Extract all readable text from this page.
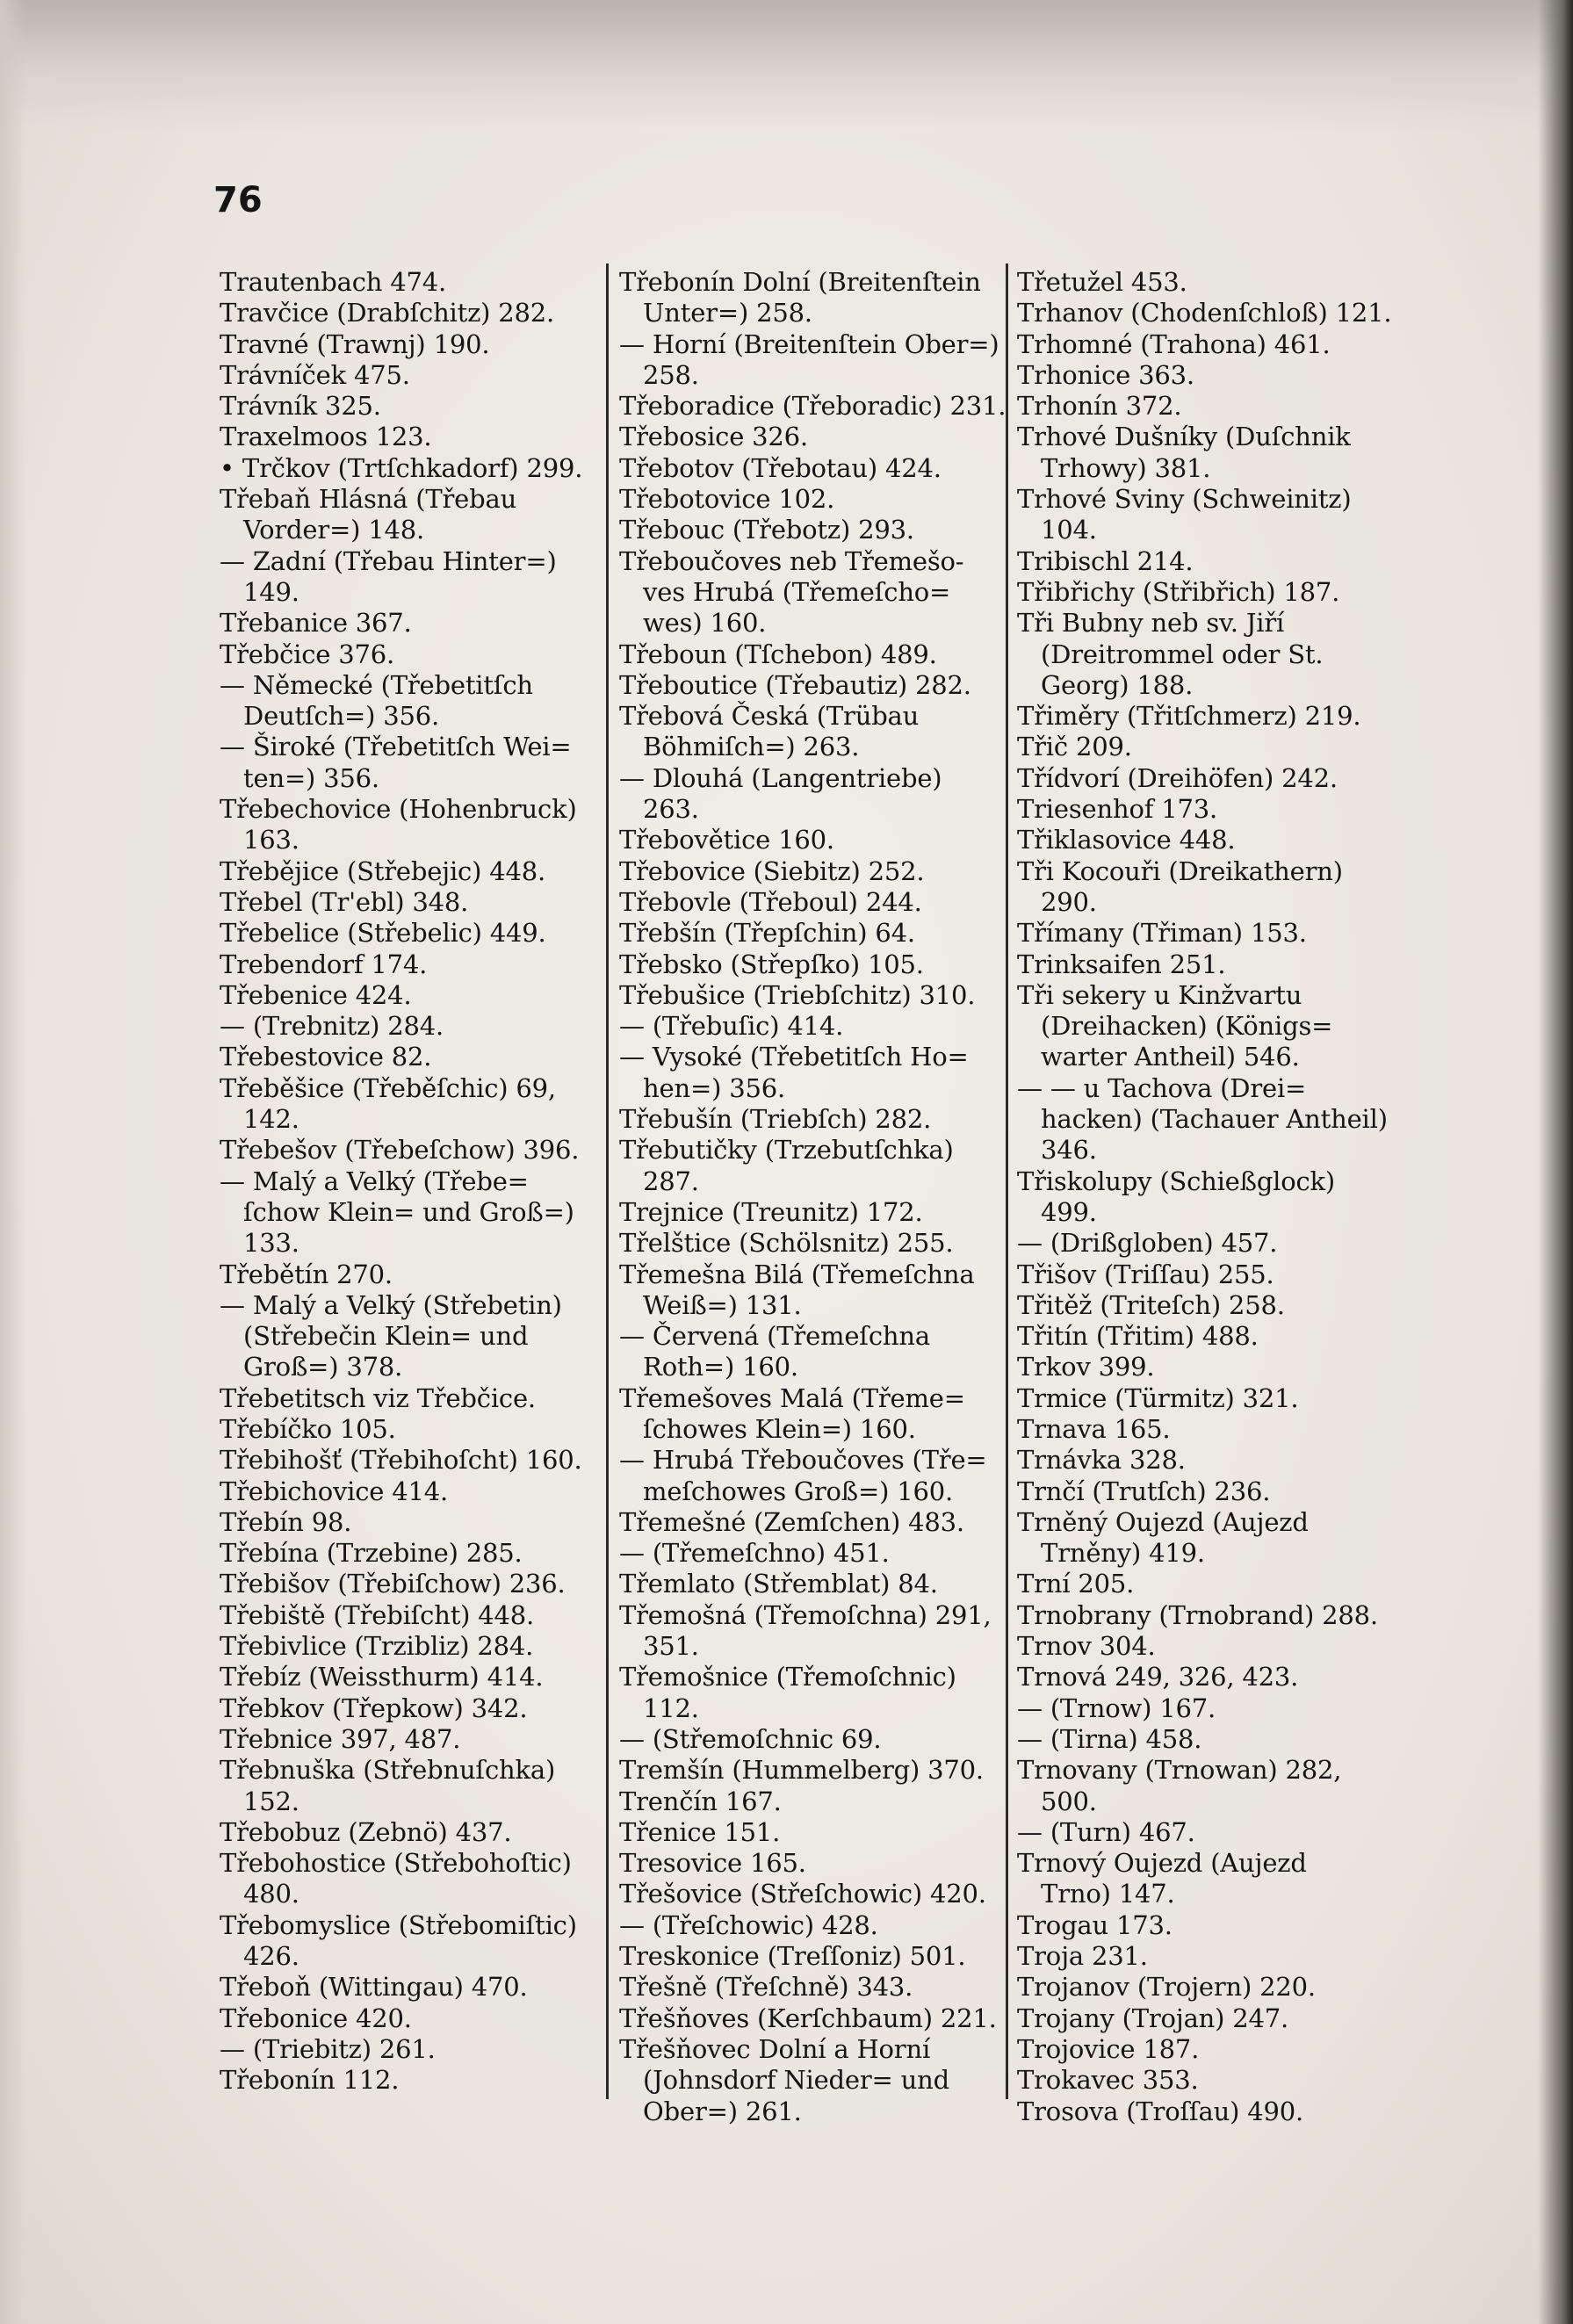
76
Trautenbach 474.
Travčice (Drabſchitz) 282.
Travné (Trawnj) 190.
Trávníček 475.
Trávník 325.
Traxelmoos 123.
• Trčkov (Trtſchkadorf) 299.
Třebaň Hlásná (Třebau
Vorder=) 148.
— Zadní (Třebau Hinter=)
149.
Třebanice 367.
Třebčice 376.
— Německé (Třebetitſch
Deutſch=) 356.
— Široké (Třebetitſch Wei=
ten=) 356.
Třebechovice (Hohenbruck)
163.
Třebějice (Střebejic) 448.
Třebel (Tr'ebl) 348.
Třebelice (Střebelic) 449.
Trebendorf 174.
Třebenice 424.
— (Trebnitz) 284.
Třebestovice 82.
Třeběšice (Třeběſchic) 69,
142.
Třebešov (Třebeſchow) 396.
— Malý a Velký (Třebe=
ſchow Klein= und Groß=)
133.
Třebětín 270.
— Malý a Velký (Střebetin)
(Střebečin Klein= und
Groß=) 378.
Třebetitsch viz Třebčice.
Třebíčko 105.
Třebihošť (Třebihoſcht) 160.
Třebichovice 414.
Třebín 98.
Třebína (Trzebine) 285.
Třebišov (Třebiſchow) 236.
Třebiště (Třebiſcht) 448.
Třebivlice (Trzibliz) 284.
Třebíz (Weissthurm) 414.
Třebkov (Třepkow) 342.
Třebnice 397, 487.
Třebnuška (Střebnuſchka)
152.
Třebobuz (Zebnö) 437.
Třebohostice (Střebohoſtic)
480.
Třebomyslice (Střebomiſtic)
426.
Třeboň (Wittingau) 470.
Třebonice 420.
— (Triebitz) 261.
Třebonín 112.
Třebonín Dolní (Breitenſtein
Unter=) 258.
— Horní (Breitenſtein Ober=)
258.
Třeboradice (Třeboradic) 231.
Třebosice 326.
Třebotov (Třebotau) 424.
Třebotovice 102.
Třebouc (Třebotz) 293.
Třeboučoves neb Třemešo-
ves Hrubá (Třemeſcho=
wes) 160.
Třeboun (Tſchebon) 489.
Třeboutice (Třebautiz) 282.
Třebová Česká (Trübau
Böhmiſch=) 263.
— Dlouhá (Langentriebe)
263.
Třebovětice 160.
Třebovice (Siebitz) 252.
Třebovle (Třeboul) 244.
Třebšín (Třepſchin) 64.
Třebsko (Střepſko) 105.
Třebušice (Triebſchitz) 310.
— (Třebuſic) 414.
— Vysoké (Třebetitſch Ho=
hen=) 356.
Třebušín (Triebſch) 282.
Třebutičky (Trzebutſchka)
287.
Trejnice (Treunitz) 172.
Třelštice (Schölsnitz) 255.
Třemešna Bilá (Třemeſchna
Weiß=) 131.
— Červená (Třemeſchna
Roth=) 160.
Třemešoves Malá (Třeme=
ſchowes Klein=) 160.
— Hrubá Třeboučoves (Tře=
meſchowes Groß=) 160.
Třemešné (Zemſchen) 483.
— (Třemeſchno) 451.
Třemlato (Střemblat) 84.
Třemošná (Třemoſchna) 291,
351.
Třemošnice (Třemoſchnic)
112.
— (Střemoſchnic 69.
Tremšín (Hummelberg) 370.
Trenčín 167.
Třenice 151.
Tresovice 165.
Třešovice (Střeſchowic) 420.
— (Třeſchowic) 428.
Treskonice (Treſſoniz) 501.
Třešně (Třeſchně) 343.
Třešňoves (Kerſchbaum) 221.
Třešňovec Dolní a Horní
(Johnsdorf Nieder= und
Ober=) 261.
Třetužel 453.
Trhanov (Chodenſchloß) 121.
Trhomné (Trahona) 461.
Trhonice 363.
Trhonín 372.
Trhové Dušníky (Duſchnik
Trhowy) 381.
Trhové Sviny (Schweinitz)
104.
Tribischl 214.
Třibřichy (Střibřich) 187.
Tři Bubny neb sv. Jiří
(Dreitrommel oder St.
Georg) 188.
Třiměry (Třitſchmerz) 219.
Třič 209.
Třídvorí (Dreihöfen) 242.
Triesenhof 173.
Třiklasovice 448.
Tři Kocouři (Dreikathern)
290.
Třímany (Třiman) 153.
Trinksaifen 251.
Tři sekery u Kinžvartu
(Dreihacken) (Königs=
warter Antheil) 546.
— — u Tachova (Drei=
hacken) (Tachauer Antheil)
346.
Třiskolupy (Schießglock)
499.
— (Drißgloben) 457.
Třišov (Triſſau) 255.
Třitěž (Triteſch) 258.
Třitín (Třitim) 488.
Trkov 399.
Trmice (Türmitz) 321.
Trnava 165.
Trnávka 328.
Trnčí (Trutſch) 236.
Trněný Oujezd (Aujezd
Trněny) 419.
Trní 205.
Trnobrany (Trnobrand) 288.
Trnov 304.
Trnová 249, 326, 423.
— (Trnow) 167.
— (Tirna) 458.
Trnovany (Trnowan) 282,
500.
— (Turn) 467.
Trnový Oujezd (Aujezd
Trno) 147.
Trogau 173.
Troja 231.
Trojanov (Trojern) 220.
Trojany (Trojan) 247.
Trojovice 187.
Trokavec 353.
Trosova (Troſſau) 490.
